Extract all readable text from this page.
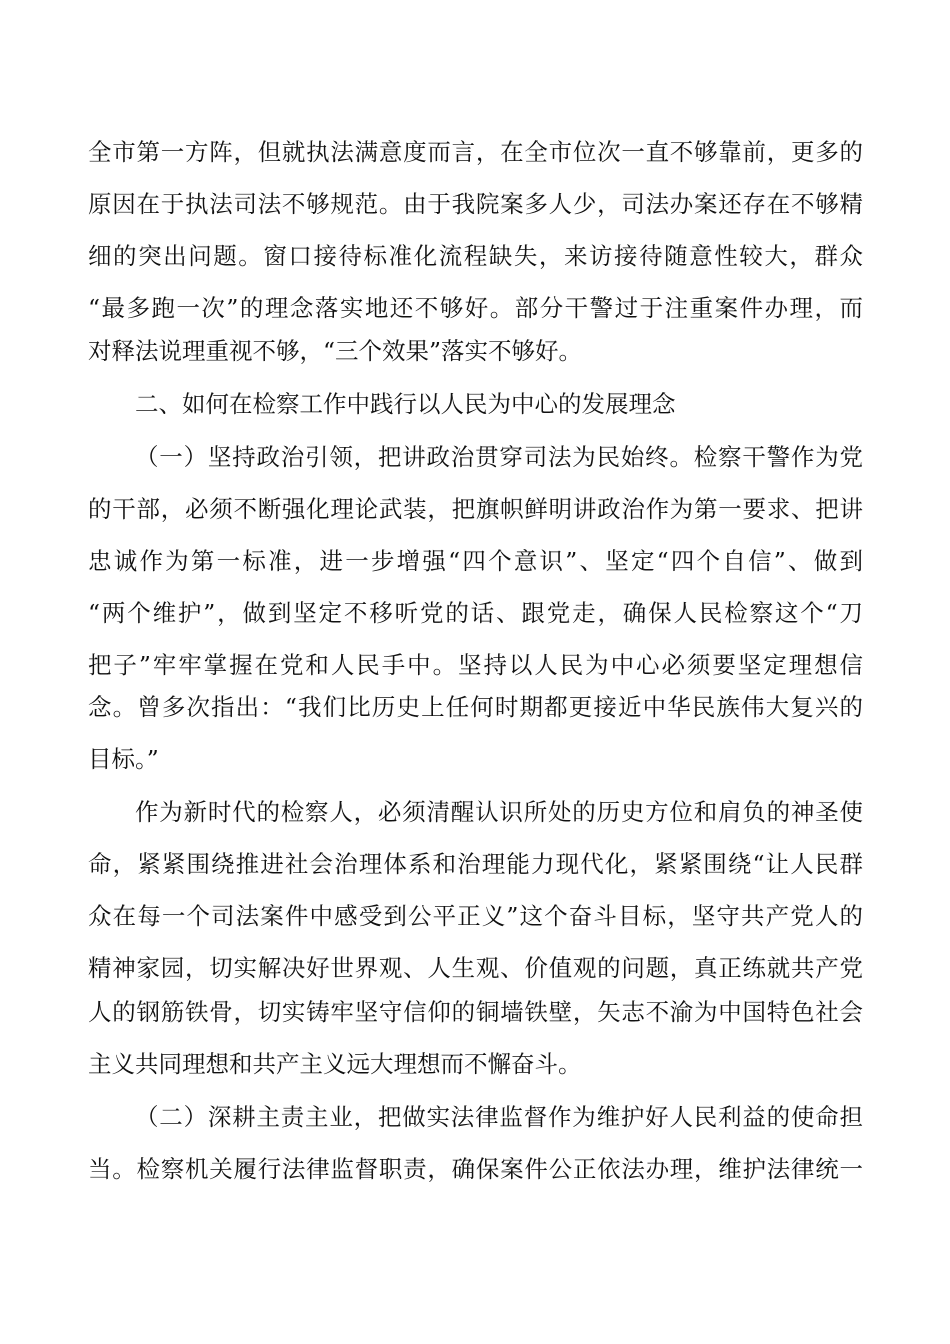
全市第一方阵，但就执法满意度而言，在全市位次一直不够靠前，更多的
原因在于执法司法不够规范。由于我院案多人少，司法办案还存在不够精
细的突出问题。窗口接待标准化流程缺失，来访接待随意性较大，群众
“最多跑一次”的理念落实地还不够好。部分干警过于注重案件办理，而
对释法说理重视不够，“三个效果”落实不够好。
二、如何在检察工作中践行以人民为中心的发展理念
（一）坚持政治引领，把讲政治贯穿司法为民始终。检察干警作为党
的干部，必须不断强化理论武装，把旗帜鲜明讲政治作为第一要求、把讲
忠诚作为第一标准，进一步增强“四个意识”、坚定“四个自信”、做到
“两个维护”，做到坚定不移听党的话、跟党走，确保人民检察这个“刀
把子”牢牢掌握在党和人民手中。坚持以人民为中心必须要坚定理想信
念。曾多次指出：“我们比历史上任何时期都更接近中华民族伟大复兴的
目标。”
作为新时代的检察人，必须清醒认识所处的历史方位和肩负的神圣使
命，紧紧围绕推进社会治理体系和治理能力现代化，紧紧围绕“让人民群
众在每一个司法案件中感受到公平正义”这个奋斗目标，坚守共产党人的
精神家园，切实解决好世界观、人生观、价值观的问题，真正练就共产党
人的钢筋铁骨，切实铸牢坚守信仰的铜墙铁壁，矢志不渝为中国特色社会
主义共同理想和共产主义远大理想而不懈奋斗。
（二）深耕主责主业，把做实法律监督作为维护好人民利益的使命担
当。检察机关履行法律监督职责，确保案件公正依法办理，维护法律统一
